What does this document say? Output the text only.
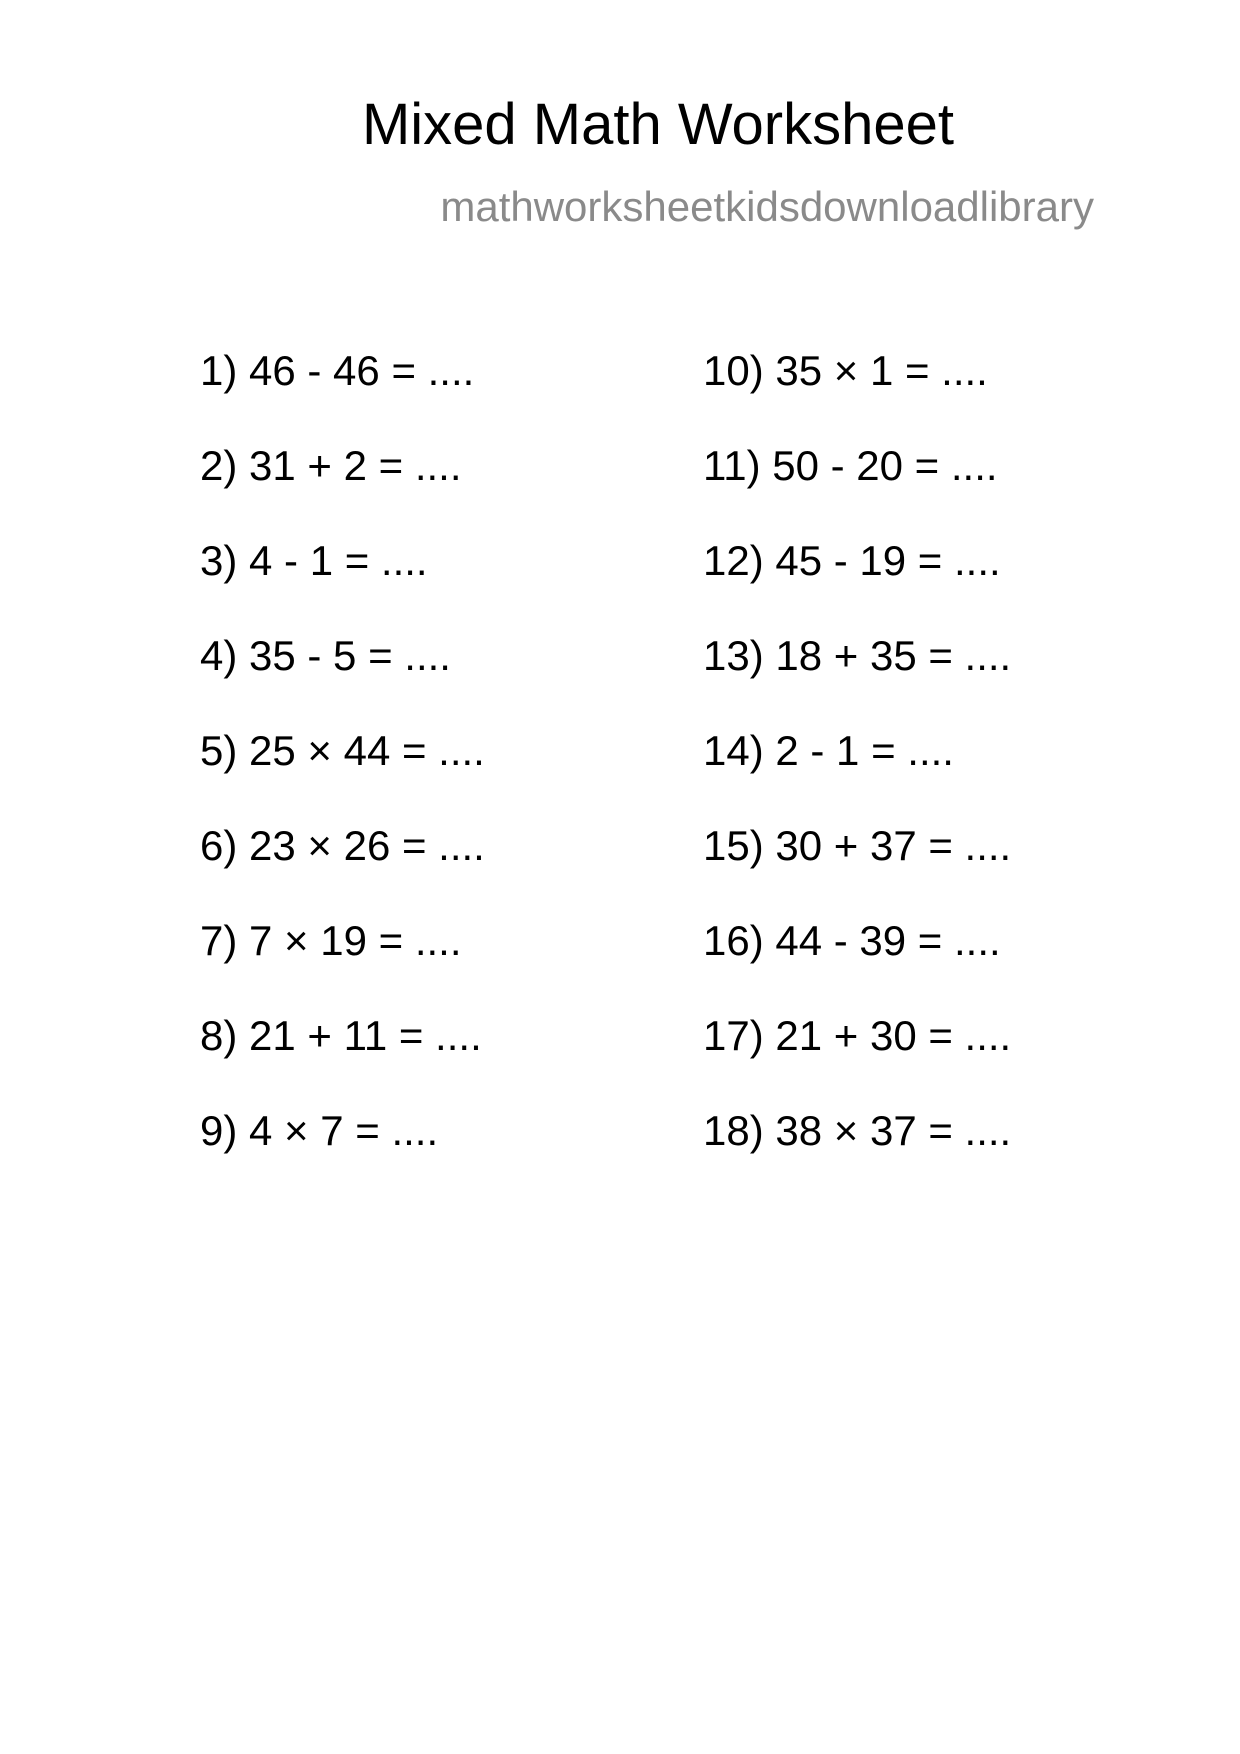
Mixed Math Worksheet
mathworksheetkidsdownloadlibrary
1) 46 - 46 = ....
2) 31 + 2 = ....
3) 4 - 1 = ....
4) 35 - 5 = ....
5) 25 × 44 = ....
6) 23 × 26 = ....
7) 7 × 19 = ....
8) 21 + 11 = ....
9) 4 × 7 = ....
10) 35 × 1 = ....
11) 50 - 20 = ....
12) 45 - 19 = ....
13) 18 + 35 = ....
14) 2 - 1 = ....
15) 30 + 37 = ....
16) 44 - 39 = ....
17) 21 + 30 = ....
18) 38 × 37 = ....
